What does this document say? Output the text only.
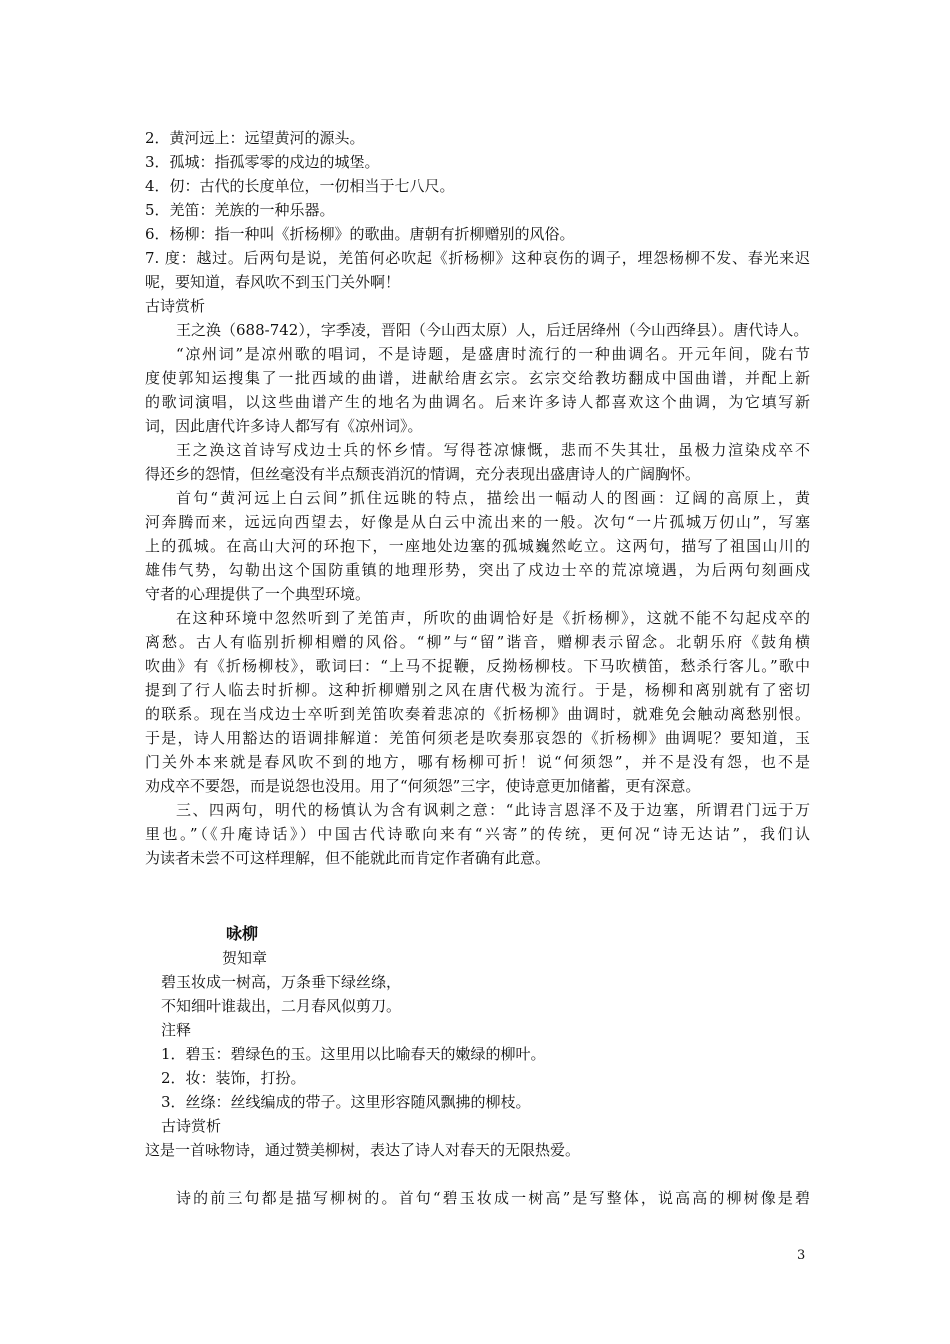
2．黄河远上：远望黄河的源头。
3．孤城：指孤零零的戍边的城堡。
4．仞：古代的长度单位，一仞相当于七八尺。
5．羌笛：羌族的一种乐器。
6．杨柳：指一种叫《折杨柳》的歌曲。唐朝有折柳赠别的风俗。
7. 度：越过。后两句是说，羌笛何必吹起《折杨柳》这种哀伤的调子，埋怨杨柳不发、春光来迟
呢，要知道，春风吹不到玉门关外啊！
古诗赏析
王之涣（688-742），字季凌，晋阳（今山西太原）人，后迁居绛州（今山西绛县）。唐代诗人。
“凉州词”是凉州歌的唱词，不是诗题，是盛唐时流行的一种曲调名。开元年间，陇右节
度使郭知运搜集了一批西域的曲谱，进献给唐玄宗。玄宗交给教坊翻成中国曲谱，并配上新
的歌词演唱，以这些曲谱产生的地名为曲调名。后来许多诗人都喜欢这个曲调，为它填写新
词，因此唐代许多诗人都写有《凉州词》。
王之涣这首诗写戍边士兵的怀乡情。写得苍凉慷慨，悲而不失其壮，虽极力渲染戍卒不
得还乡的怨情，但丝毫没有半点颓丧消沉的情调，充分表现出盛唐诗人的广阔胸怀。
首句“黄河远上白云间”抓住远眺的特点，描绘出一幅动人的图画：辽阔的高原上，黄
河奔腾而来，远远向西望去，好像是从白云中流出来的一般。次句“一片孤城万仞山”，写塞
上的孤城。在高山大河的环抱下，一座地处边塞的孤城巍然屹立。这两句，描写了祖国山川的
雄伟气势，勾勒出这个国防重镇的地理形势，突出了戍边士卒的荒凉境遇，为后两句刻画戍
守者的心理提供了一个典型环境。
在这种环境中忽然听到了羌笛声，所吹的曲调恰好是《折杨柳》，这就不能不勾起戍卒的
离愁。古人有临别折柳相赠的风俗。“柳”与“留”谐音，赠柳表示留念。北朝乐府《鼓角横
吹曲》有《折杨柳枝》，歌词曰：“上马不捉鞭，反拗杨柳枝。下马吹横笛，愁杀行客儿。”歌中
提到了行人临去时折柳。这种折柳赠别之风在唐代极为流行。于是，杨柳和离别就有了密切
的联系。现在当戍边士卒听到羌笛吹奏着悲凉的《折杨柳》曲调时，就难免会触动离愁别恨。
于是，诗人用豁达的语调排解道：羌笛何须老是吹奏那哀怨的《折杨柳》曲调呢？要知道，玉
门关外本来就是春风吹不到的地方，哪有杨柳可折！说“何须怨”，并不是没有怨，也不是
劝戍卒不要怨，而是说怨也没用。用了“何须怨”三字，使诗意更加储蓄，更有深意。
三、四两句，明代的杨慎认为含有讽刺之意：“此诗言恩泽不及于边塞，所谓君门远于万
里也。”（《升庵诗话》）中国古代诗歌向来有“兴寄”的传统，更何况“诗无达诂”，我们认
为读者未尝不可这样理解，但不能就此而肯定作者确有此意。
咏柳
贺知章
碧玉妆成一树高，万条垂下绿丝绦，
不知细叶谁裁出，二月春风似剪刀。
注释
1．碧玉：碧绿色的玉。这里用以比喻春天的嫩绿的柳叶。
2．妆：装饰，打扮。
3．丝绦：丝线编成的带子。这里形容随风飘拂的柳枝。
古诗赏析
这是一首咏物诗，通过赞美柳树，表达了诗人对春天的无限热爱。
诗的前三句都是描写柳树的。首句“碧玉妆成一树高”是写整体，说高高的柳树像是碧
3
